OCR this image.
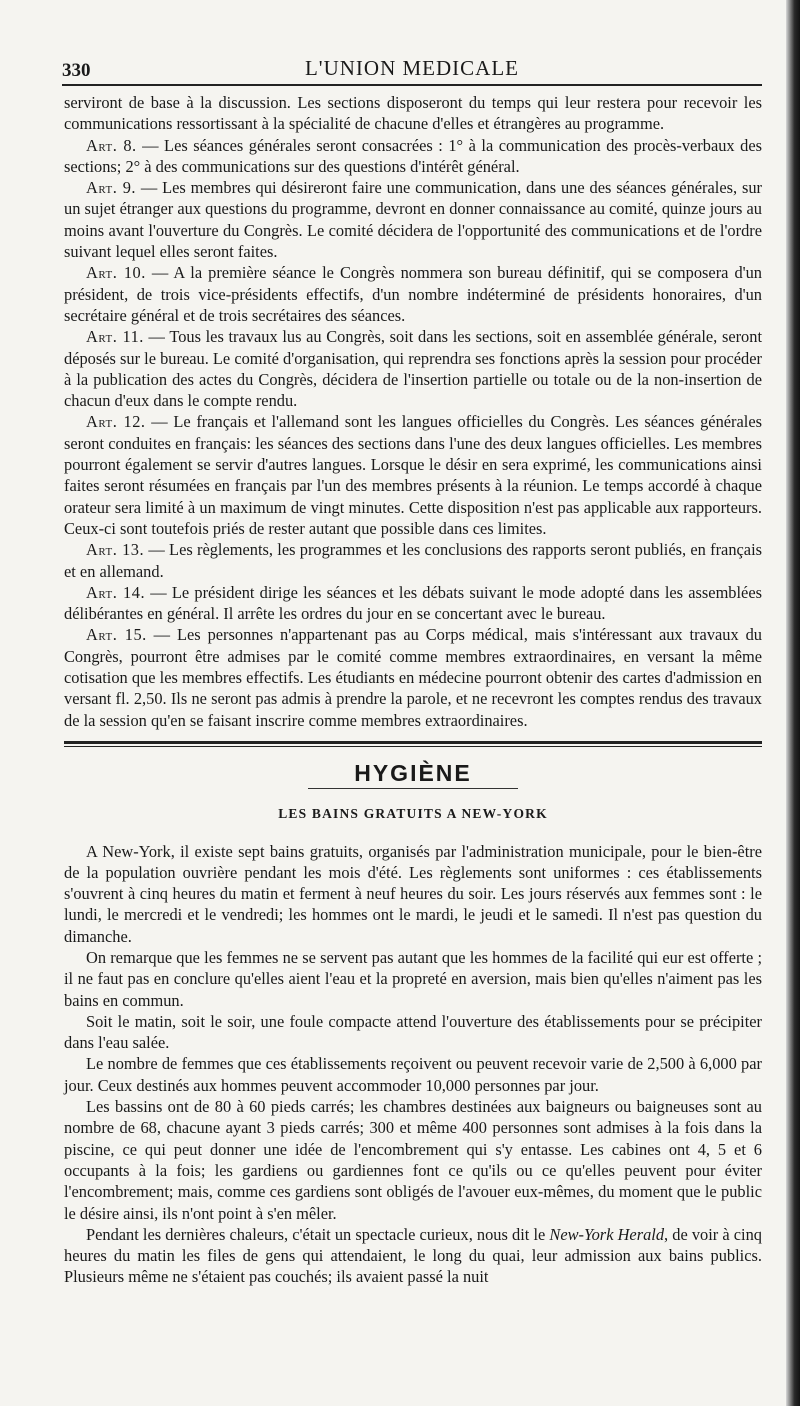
330	L'UNION MEDICALE

serviront de base à la discussion. Les sections disposeront du temps qui leur restera pour recevoir les communications ressortissant à la spécialité de chacune d'elles et étrangères au programme.

Art. 8. — Les séances générales seront consacrées : 1° à la communication des procès-verbaux des sections; 2° à des communications sur des questions d'intérêt général.

Art. 9. — Les membres qui désireront faire une communication, dans une des séances générales, sur un sujet étranger aux questions du programme, devront en donner connaissance au comité, quinze jours au moins avant l'ouverture du Congrès. Le comité décidera de l'opportunité des communications et de l'ordre suivant lequel elles seront faites.

Art. 10. — A la première séance le Congrès nommera son bureau définitif, qui se composera d'un président, de trois vice-présidents effectifs, d'un nombre indéterminé de présidents honoraires, d'un secrétaire général et de trois secrétaires des séances.

Art. 11. — Tous les travaux lus au Congrès, soit dans les sections, soit en assemblée générale, seront déposés sur le bureau. Le comité d'organisation, qui reprendra ses fonctions après la session pour procéder à la publication des actes du Congrès, décidera de l'insertion partielle ou totale ou de la non-insertion de chacun d'eux dans le compte rendu.

Art. 12. — Le français et l'allemand sont les langues officielles du Congrès. Les séances générales seront conduites en français: les séances des sections dans l'une des deux langues officielles. Les membres pourront également se servir d'autres langues. Lorsque le désir en sera exprimé, les communications ainsi faites seront résumées en français par l'un des membres présents à la réunion. Le temps accordé à chaque orateur sera limité à un maximum de vingt minutes. Cette disposition n'est pas applicable aux rapporteurs. Ceux-ci sont toutefois priés de rester autant que possible dans ces limites.

Art. 13. — Les règlements, les programmes et les conclusions des rapports seront publiés, en français et en allemand.

Art. 14. — Le président dirige les séances et les débats suivant le mode adopté dans les assemblées délibérantes en général. Il arrête les ordres du jour en se concertant avec le bureau.

Art. 15. — Les personnes n'appartenant pas au Corps médical, mais s'intéressant aux travaux du Congrès, pourront être admises par le comité comme membres extraordinaires, en versant la même cotisation que les membres effectifs. Les étudiants en médecine pourront obtenir des cartes d'admission en versant fl. 2,50. Ils ne seront pas admis à prendre la parole, et ne recevront les comptes rendus des travaux de la session qu'en se faisant inscrire comme membres extraordinaires.

HYGIÈNE
LES BAINS GRATUITS A NEW-YORK

A New-York, il existe sept bains gratuits, organisés par l'administration municipale, pour le bien-être de la population ouvrière pendant les mois d'été. Les règlements sont uniformes : ces établissements s'ouvrent à cinq heures du matin et ferment à neuf heures du soir. Les jours réservés aux femmes sont : le lundi, le mercredi et le vendredi; les hommes ont le mardi, le jeudi et le samedi. Il n'est pas question du dimanche.

On remarque que les femmes ne se servent pas autant que les hommes de la facilité qui eur est offerte ; il ne faut pas en conclure qu'elles aient l'eau et la propreté en aversion, mais bien qu'elles n'aiment pas les bains en commun.

Soit le matin, soit le soir, une foule compacte attend l'ouverture des établissements pour se précipiter dans l'eau salée.

Le nombre de femmes que ces établissements reçoivent ou peuvent recevoir varie de 2,500 à 6,000 par jour. Ceux destinés aux hommes peuvent accommoder 10,000 personnes par jour.

Les bassins ont de 80 à 60 pieds carrés; les chambres destinées aux baigneurs ou baigneuses sont au nombre de 68, chacune ayant 3 pieds carrés; 300 et même 400 personnes sont admises à la fois dans la piscine, ce qui peut donner une idée de l'encombrement qui s'y entasse. Les cabines ont 4, 5 et 6 occupants à la fois; les gardiens ou gardiennes font ce qu'ils ou ce qu'elles peuvent pour éviter l'encombrement; mais, comme ces gardiens sont obligés de l'avouer eux-mêmes, du moment que le public le désire ainsi, ils n'ont point à s'en mêler.

Pendant les dernières chaleurs, c'était un spectacle curieux, nous dit le New-York Herald, de voir à cinq heures du matin les files de gens qui attendaient, le long du quai, leur admission aux bains publics. Plusieurs même ne s'étaient pas couchés; ils avaient passé la nuit
